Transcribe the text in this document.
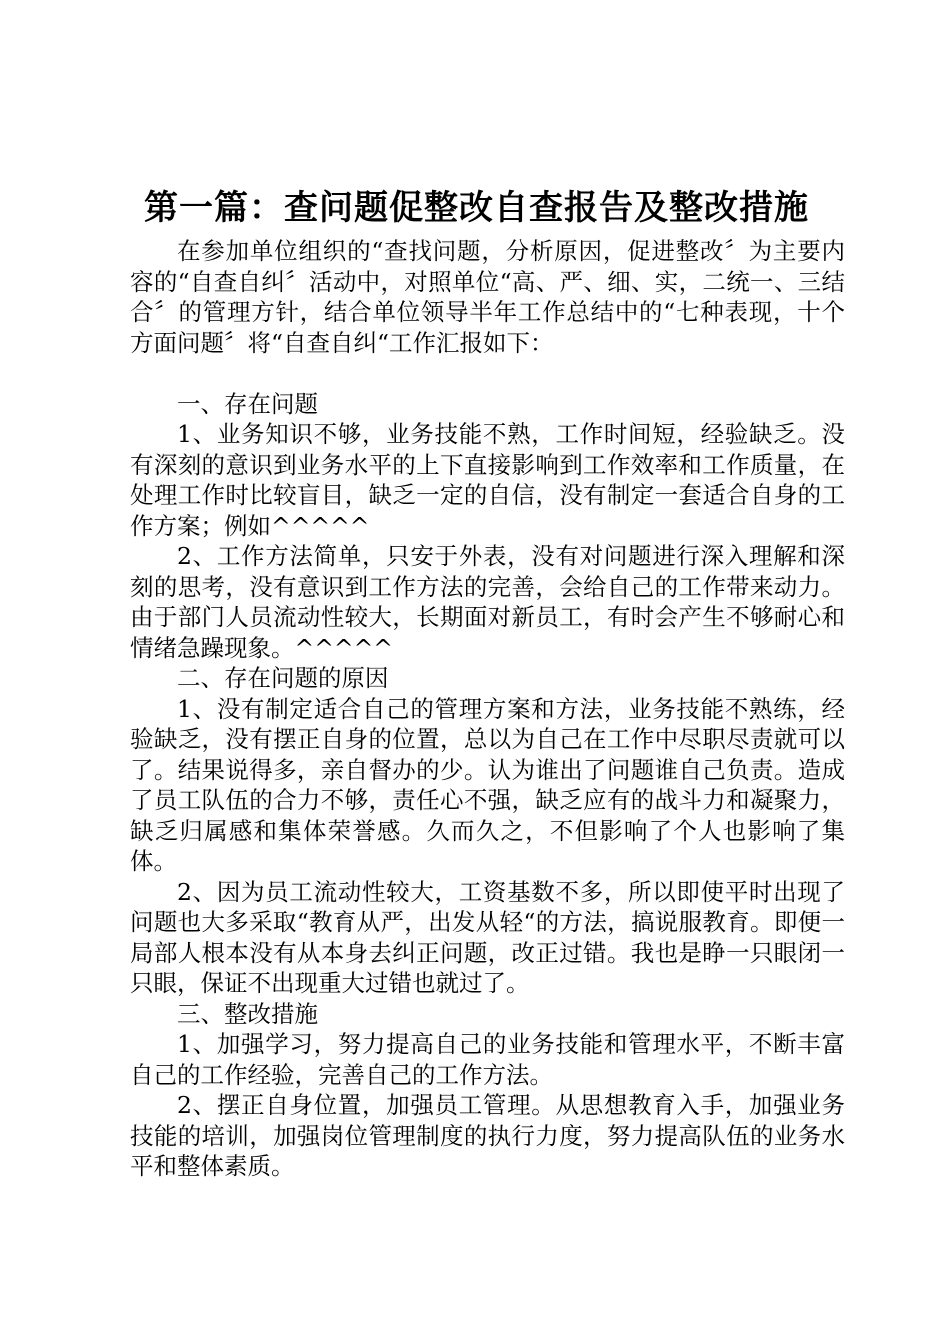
第一篇：查问题促整改自查报告及整改措施

在参加单位组织的“查找问题，分析原因，促进整改〞为主要内容的“自查自纠〞活动中，对照单位“高、严、细、实，二统一、三结合〞的管理方针，结合单位领导半年工作总结中的“七种表现，十个方面问题〞将“自查自纠“工作汇报如下：

一、存在问题

1、业务知识不够，业务技能不熟，工作时间短，经验缺乏。没有深刻的意识到业务水平的上下直接影响到工作效率和工作质量，在处理工作时比较盲目，缺乏一定的自信，没有制定一套适合自身的工作方案；例如^^^^^

2、工作方法简单，只安于外表，没有对问题进行深入理解和深刻的思考，没有意识到工作方法的完善，会给自己的工作带来动力。由于部门人员流动性较大，长期面对新员工，有时会产生不够耐心和情绪急躁现象。^^^^^

二、存在问题的原因

1、没有制定适合自己的管理方案和方法，业务技能不熟练，经验缺乏，没有摆正自身的位置，总以为自己在工作中尽职尽责就可以了。结果说得多，亲自督办的少。认为谁出了问题谁自己负责。造成了员工队伍的合力不够，责任心不强，缺乏应有的战斗力和凝聚力，缺乏归属感和集体荣誉感。久而久之，不但影响了个人也影响了集体。

2、因为员工流动性较大，工资基数不多，所以即使平时出现了问题也大多采取“教育从严，出发从轻“的方法，搞说服教育。即便一局部人根本没有从本身去纠正问题，改正过错。我也是睁一只眼闭一只眼，保证不出现重大过错也就过了。

三、整改措施

1、加强学习，努力提高自己的业务技能和管理水平，不断丰富自己的工作经验，完善自己的工作方法。

2、摆正自身位置，加强员工管理。从思想教育入手，加强业务技能的培训，加强岗位管理制度的执行力度，努力提高队伍的业务水平和整体素质。
